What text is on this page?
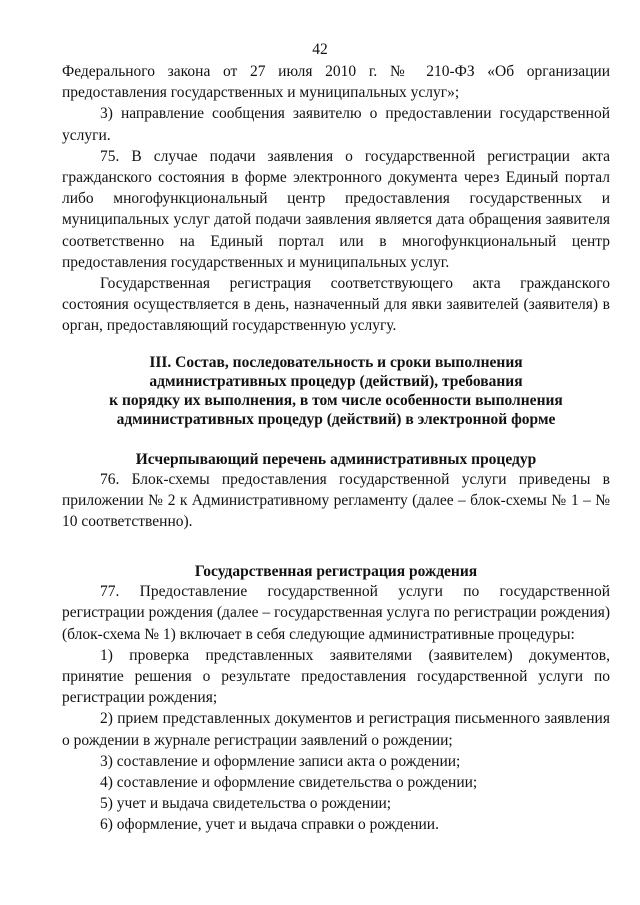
42

Федерального закона от 27 июля 2010 г. № 210-ФЗ «Об организации предоставления государственных и муниципальных услуг»;

3) направление сообщения заявителю о предоставлении государственной услуги.

75. В случае подачи заявления о государственной регистрации акта гражданского состояния в форме электронного документа через Единый портал либо многофункциональный центр предоставления государственных и муниципальных услуг датой подачи заявления является дата обращения заявителя соответственно на Единый портал или в многофункциональный центр предоставления государственных и муниципальных услуг.

Государственная регистрация соответствующего акта гражданского состояния осуществляется в день, назначенный для явки заявителей (заявителя) в орган, предоставляющий государственную услугу.

III. Состав, последовательность и сроки выполнения
административных процедур (действий), требования
к порядку их выполнения, в том числе особенности выполнения
административных процедур (действий) в электронной форме
Исчерпывающий перечень административных процедур

76. Блок-схемы предоставления государственной услуги приведены в приложении № 2 к Административному регламенту (далее – блок-схемы № 1 – № 10 соответственно).

Государственная регистрация рождения

77. Предоставление государственной услуги по государственной регистрации рождения (далее – государственная услуга по регистрации рождения) (блок-схема № 1) включает в себя следующие административные процедуры:

1) проверка представленных заявителями (заявителем) документов, принятие решения о результате предоставления государственной услуги по регистрации рождения;

2) прием представленных документов и регистрация письменного заявления о рождении в журнале регистрации заявлений о рождении;

3) составление и оформление записи акта о рождении;

4) составление и оформление свидетельства о рождении;

5) учет и выдача свидетельства о рождении;

6) оформление, учет и выдача справки о рождении.
